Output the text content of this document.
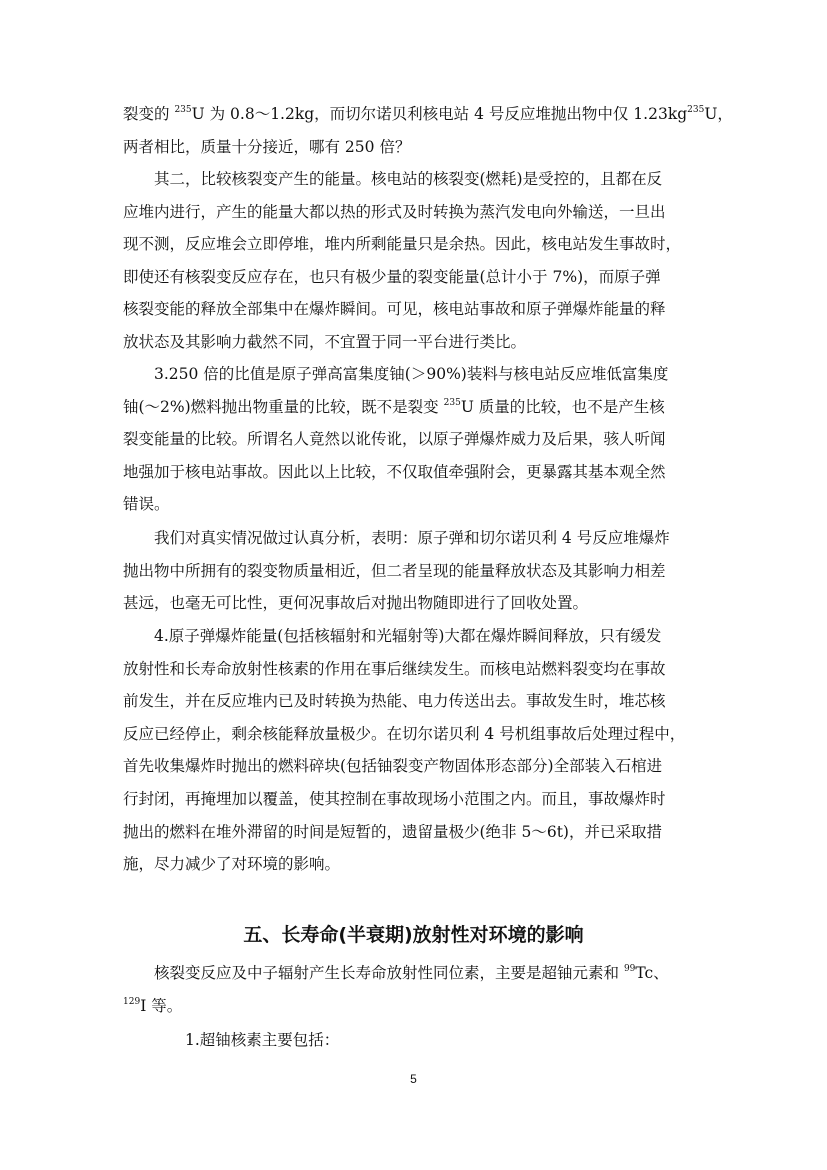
裂变的 $^{235}$U 为 0.8～1.2kg，而切尔诺贝利核电站 4 号反应堆抛出物中仅 $1.23kg^{235}U$，
两者相比，质量十分接近，哪有 250 倍？
其二，比较核裂变产生的能量。核电站的核裂变(燃耗)是受控的，且都在反
应堆内进行，产生的能量大都以热的形式及时转换为蒸汽发电向外输送，一旦出
现不测，反应堆会立即停堆，堆内所剩能量只是余热。因此，核电站发生事故时，
即使还有核裂变反应存在，也只有极少量的裂变能量(总计小于 7%)，而原子弹
核裂变能的释放全部集中在爆炸瞬间。可见，核电站事故和原子弹爆炸能量的释
放状态及其影响力截然不同，不宜置于同一平台进行类比。
3.250 倍的比值是原子弹高富集度铀(＞90%)装料与核电站反应堆低富集度
铀(～2%)燃料抛出物重量的比较，既不是裂变 $^{235}$U 质量的比较，也不是产生核
裂变能量的比较。所谓名人竟然以讹传讹，以原子弹爆炸威力及后果，骇人听闻
地强加于核电站事故。因此以上比较，不仅取值牵强附会，更暴露其基本观全然
错误。
我们对真实情况做过认真分析，表明：原子弹和切尔诺贝利 4 号反应堆爆炸
抛出物中所拥有的裂变物质量相近，但二者呈现的能量释放状态及其影响力相差
甚远，也毫无可比性，更何况事故后对抛出物随即进行了回收处置。
4.原子弹爆炸能量(包括核辐射和光辐射等)大都在爆炸瞬间释放，只有缓发
放射性和长寿命放射性核素的作用在事后继续发生。而核电站燃料裂变均在事故
前发生，并在反应堆内已及时转换为热能、电力传送出去。事故发生时，堆芯核
反应已经停止，剩余核能释放量极少。在切尔诺贝利 4 号机组事故后处理过程中，
首先收集爆炸时抛出的燃料碎块(包括铀裂变产物固体形态部分)全部装入石棺进
行封闭，再掩埋加以覆盖，使其控制在事故现场小范围之内。而且，事故爆炸时
抛出的燃料在堆外滞留的时间是短暂的，遗留量极少(绝非 5～6t)，并已采取措
施，尽力减少了对环境的影响。
五、长寿命(半衰期)放射性对环境的影响
核裂变反应及中子辐射产生长寿命放射性同位素，主要是超铀元素和 $^{99}$Tc、
$^{129}$I 等。
1.超铀核素主要包括：
5
